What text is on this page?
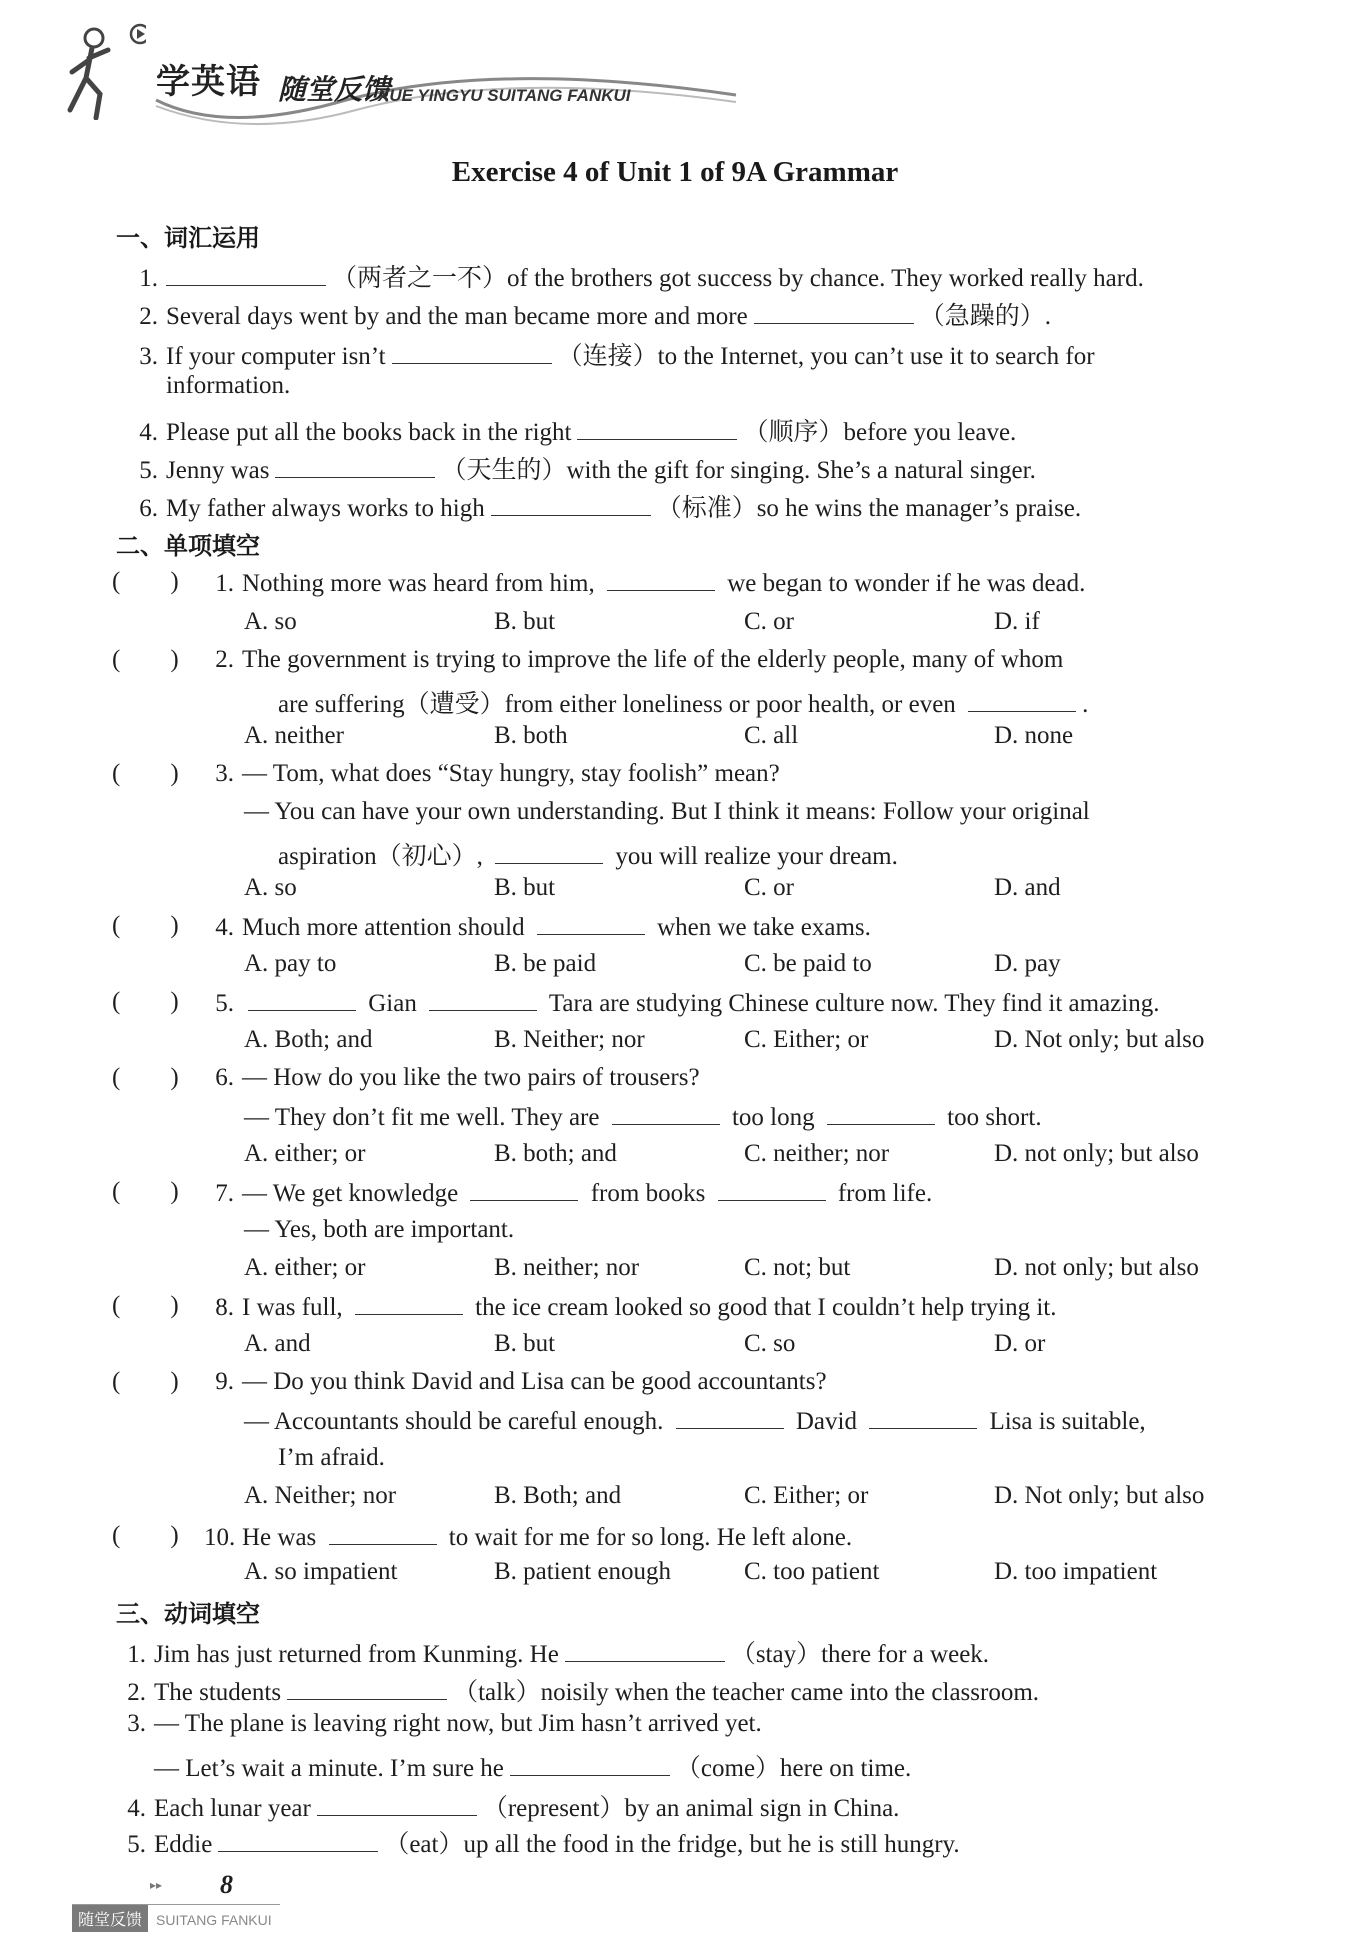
学英语 随堂反馈
XUE YINGYU SUITANG FANKUI
Exercise 4 of Unit 1 of 9A Grammar
一、词汇运用
1.	（两者之一不）of the brothers got success by chance. They worked really hard.
2. Several days went by and the man became more and more	（急躁的）.
3. If your computer isn’t	（连接）to the Internet, you can’t use it to search for
information.
4. Please put all the books back in the right	（顺序）before you leave.
5. Jenny was	（天生的）with the gift for singing. She’s a natural singer.
6. My father always works to high	（标准）so he wins the manager’s praise.
二、单项填空
(  )	1. Nothing more was heard from him,	we began to wonder if he was dead.
A. so	B. but	C. or	D. if
(  )	2. The government is trying to improve the life of the elderly people, many of whom
are suffering（遭受）from either loneliness or poor health, or even	.
A. neither	B. both	C. all	D. none
(  )	3. — Tom, what does “Stay hungry, stay foolish” mean?
— You can have your own understanding. But I think it means: Follow your original
aspiration（初心）,	you will realize your dream.
A. so	B. but	C. or	D. and
(  )	4. Much more attention should	when we take exams.
A. pay to	B. be paid	C. be paid to	D. pay
(  )	5.	Gian	Tara are studying Chinese culture now. They find it amazing.
A. Both; and	B. Neither; nor	C. Either; or	D. Not only; but also
(  )	6. — How do you like the two pairs of trousers?
— They don’t fit me well. They are	too long	too short.
A. either; or	B. both; and	C. neither; nor	D. not only; but also
(  )	7. — We get knowledge	from books	from life.
— Yes, both are important.
A. either; or	B. neither; nor	C. not; but	D. not only; but also
(  )	8. I was full,	the ice cream looked so good that I couldn’t help trying it.
A. and	B. but	C. so	D. or
(  )	9. — Do you think David and Lisa can be good accountants?
— Accountants should be careful enough.	David	Lisa is suitable,
I’m afraid.
A. Neither; nor	B. Both; and	C. Either; or	D. Not only; but also
(  ) 10. He was	to wait for me for so long. He left alone.
A. so impatient	B. patient enough	C. too patient	D. too impatient
三、动词填空
1. Jim has just returned from Kunming. He	（stay）there for a week.
2. The students	（talk）noisily when the teacher came into the classroom.
3. — The plane is leaving right now, but Jim hasn’t arrived yet.
— Let’s wait a minute. I’m sure he	（come）here on time.
4. Each lunar year	（represent）by an animal sign in China.
5. Eddie	（eat）up all the food in the fridge, but he is still hungry.
▸▸ 8
随堂反馈 SUITANG FANKUI
